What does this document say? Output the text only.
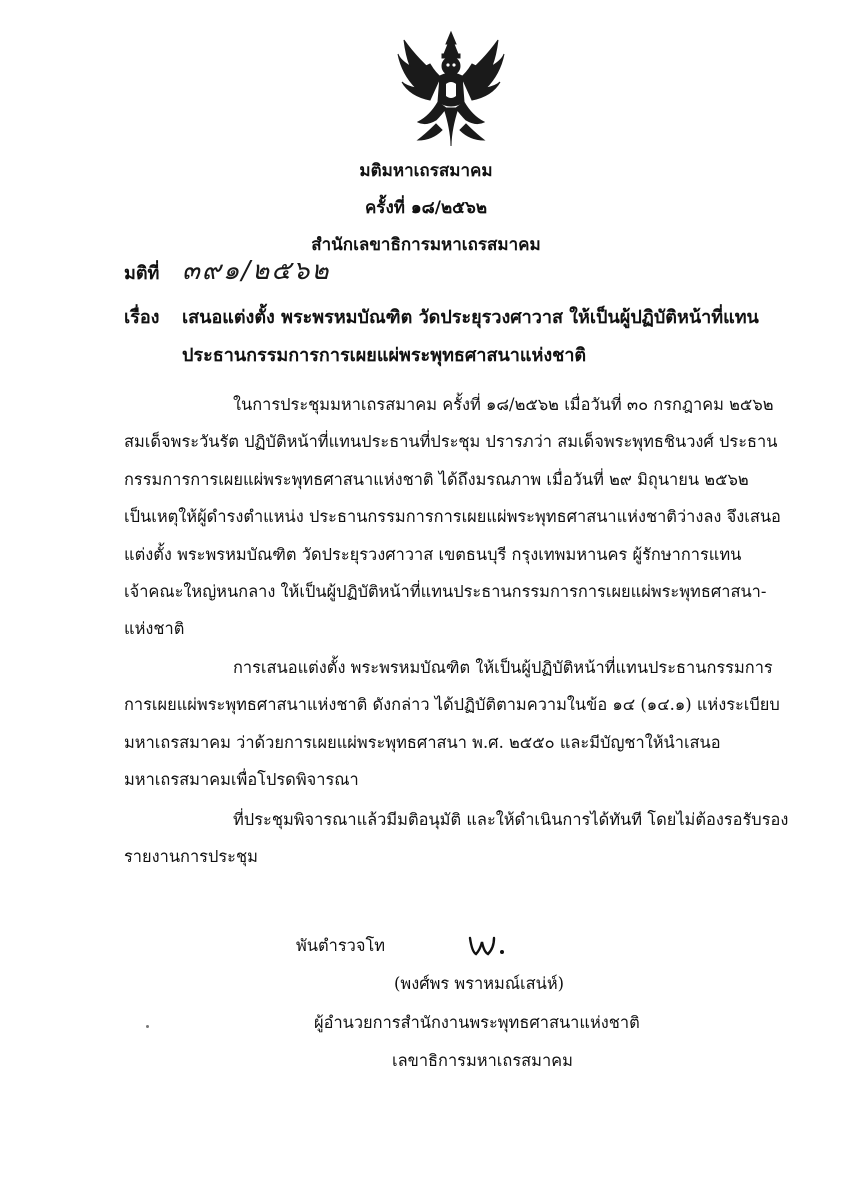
มติมหาเถรสมาคม
ครั้งที่ ๑๘/๒๕๖๒
สำนักเลขาธิการมหาเถรสมาคม
มติที่ ๓๙๑/๒๕๖๒
เรื่อง เสนอแต่งตั้ง พระพรหมบัณฑิต วัดประยุรวงศาวาส ให้เป็นผู้ปฏิบัติหน้าที่แทน
ประธานกรรมการการเผยแผ่พระพุทธศาสนาแห่งชาติ
ในการประชุมมหาเถรสมาคม ครั้งที่ ๑๘/๒๕๖๒ เมื่อวันที่ ๓๐ กรกฎาคม ๒๕๖๒
สมเด็จพระวันรัต ปฏิบัติหน้าที่แทนประธานที่ประชุม ปรารภว่า สมเด็จพระพุทธชินวงศ์ ประธาน
กรรมการการเผยแผ่พระพุทธศาสนาแห่งชาติ ได้ถึงมรณภาพ เมื่อวันที่ ๒๙ มิถุนายน ๒๕๖๒
เป็นเหตุให้ผู้ดำรงตำแหน่ง ประธานกรรมการการเผยแผ่พระพุทธศาสนาแห่งชาติว่างลง จึงเสนอ
แต่งตั้ง พระพรหมบัณฑิต วัดประยุรวงศาวาส เขตธนบุรี กรุงเทพมหานคร ผู้รักษาการแทน
เจ้าคณะใหญ่หนกลาง ให้เป็นผู้ปฏิบัติหน้าที่แทนประธานกรรมการการเผยแผ่พระพุทธศาสนา-
แห่งชาติ
การเสนอแต่งตั้ง พระพรหมบัณฑิต ให้เป็นผู้ปฏิบัติหน้าที่แทนประธานกรรมการ
การเผยแผ่พระพุทธศาสนาแห่งชาติ ดังกล่าว ได้ปฏิบัติตามความในข้อ ๑๔ (๑๔.๑) แห่งระเบียบ
มหาเถรสมาคม ว่าด้วยการเผยแผ่พระพุทธศาสนา พ.ศ. ๒๕๕๐ และมีบัญชาให้นำเสนอ
มหาเถรสมาคมเพื่อโปรดพิจารณา
ที่ประชุมพิจารณาแล้วมีมติอนุมัติ และให้ดำเนินการได้ทันที โดยไม่ต้องรอรับรอง
รายงานการประชุม
พันตำรวจโท
(พงศ์พร พราหมณ์เสน่ห์)
ผู้อำนวยการสำนักงานพระพุทธศาสนาแห่งชาติ
เลขาธิการมหาเถรสมาคม
